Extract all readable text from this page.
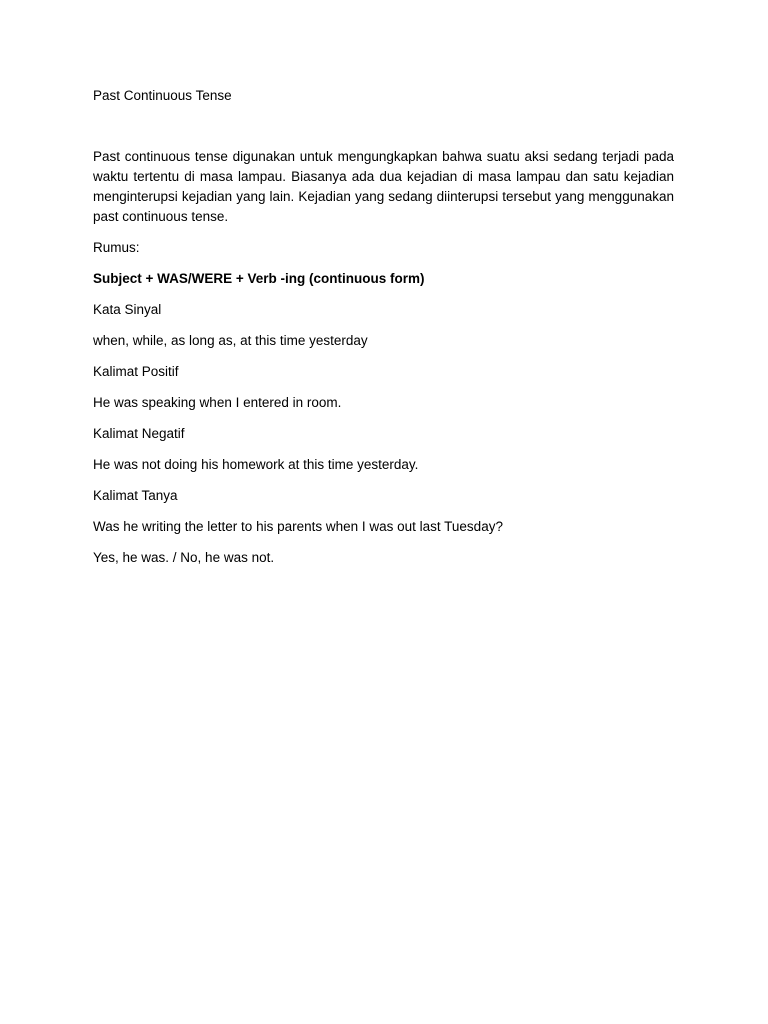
Past Continuous Tense

Past continuous tense digunakan untuk mengungkapkan bahwa suatu aksi sedang terjadi pada waktu tertentu di masa lampau. Biasanya ada dua kejadian di masa lampau dan satu kejadian menginterupsi kejadian yang lain. Kejadian yang sedang diinterupsi tersebut yang menggunakan past continuous tense.

Rumus:

Subject + WAS/WERE + Verb -ing (continuous form)

Kata Sinyal

when, while, as long as, at this time yesterday

Kalimat Positif

He was speaking when I entered in room.

Kalimat Negatif

He was not doing his homework at this time yesterday.

Kalimat Tanya

Was he writing the letter to his parents when I was out last Tuesday?

Yes, he was. / No, he was not.
